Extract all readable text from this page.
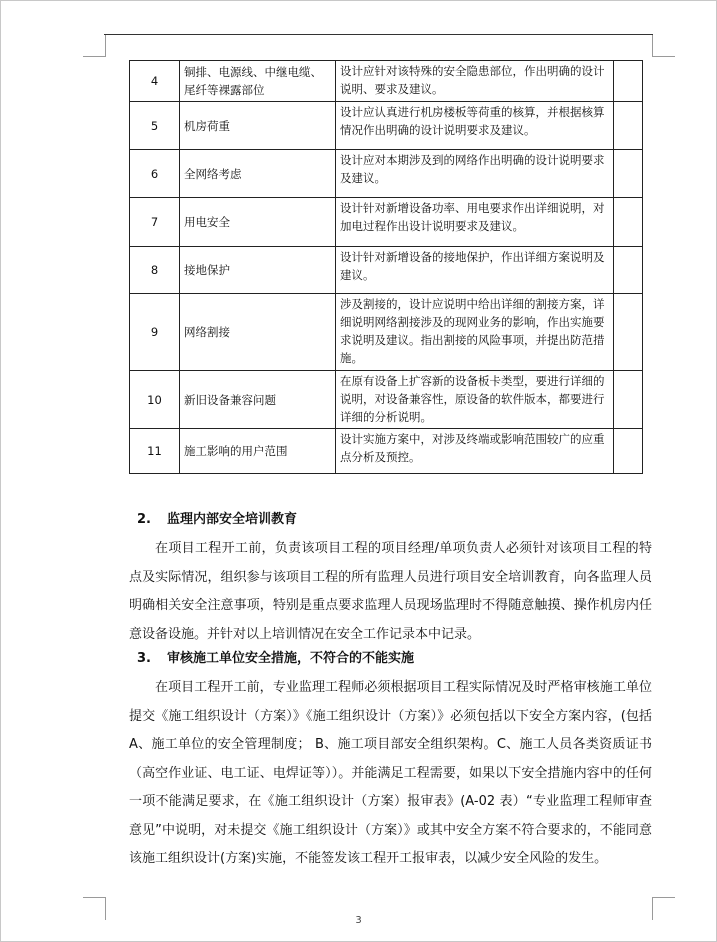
4	铜排、电源线、中继电缆、尾纤等裸露部位	设计应针对该特殊的安全隐患部位，作出明确的设计说明、要求及建议。	
5	机房荷重	设计应认真进行机房楼板等荷重的核算，并根据核算情况作出明确的设计说明要求及建议。	
6	全网络考虑	设计应对本期涉及到的网络作出明确的设计说明要求及建议。	
7	用电安全	设计针对新增设备功率、用电要求作出详细说明，对加电过程作出设计说明要求及建议。	
8	接地保护	设计针对新增设备的接地保护，作出详细方案说明及建议。	
9	网络割接	涉及割接的，设计应说明中给出详细的割接方案，详细说明网络割接涉及的现网业务的影响，作出实施要求说明及建议。指出割接的风险事项，并提出防范措施。	
10	新旧设备兼容问题	在原有设备上扩容新的设备板卡类型，要进行详细的说明，对设备兼容性，原设备的软件版本，都要进行详细的分析说明。	
11	施工影响的用户范围	设计实施方案中，对涉及终端或影响范围较广的应重点分析及预控。	
2. 监理内部安全培训教育
在项目工程开工前，负责该项目工程的项目经理/单项负责人必须针对该项目工程的特点及实际情况，组织参与该项目工程的所有监理人员进行项目安全培训教育，向各监理人员明确相关安全注意事项，特别是重点要求监理人员现场监理时不得随意触摸、操作机房内任意设备设施。并针对以上培训情况在安全工作记录本中记录。
3. 审核施工单位安全措施，不符合的不能实施
在项目工程开工前，专业监理工程师必须根据项目工程实际情况及时严格审核施工单位提交《施工组织设计（方案）》《施工组织设计（方案）》必须包括以下安全方案内容，(包括 A、施工单位的安全管理制度； B、施工项目部安全组织架构。C、施工人员各类资质证书（高空作业证、电工证、电焊证等））。并能满足工程需要，如果以下安全措施内容中的任何一项不能满足要求，在《施工组织设计（方案）报审表》(A-02 表）“专业监理工程师审查意见”中说明，对未提交《施工组织设计（方案）》或其中安全方案不符合要求的，不能同意该施工组织设计(方案)实施，不能签发该工程开工报审表，以减少安全风险的发生。
3
